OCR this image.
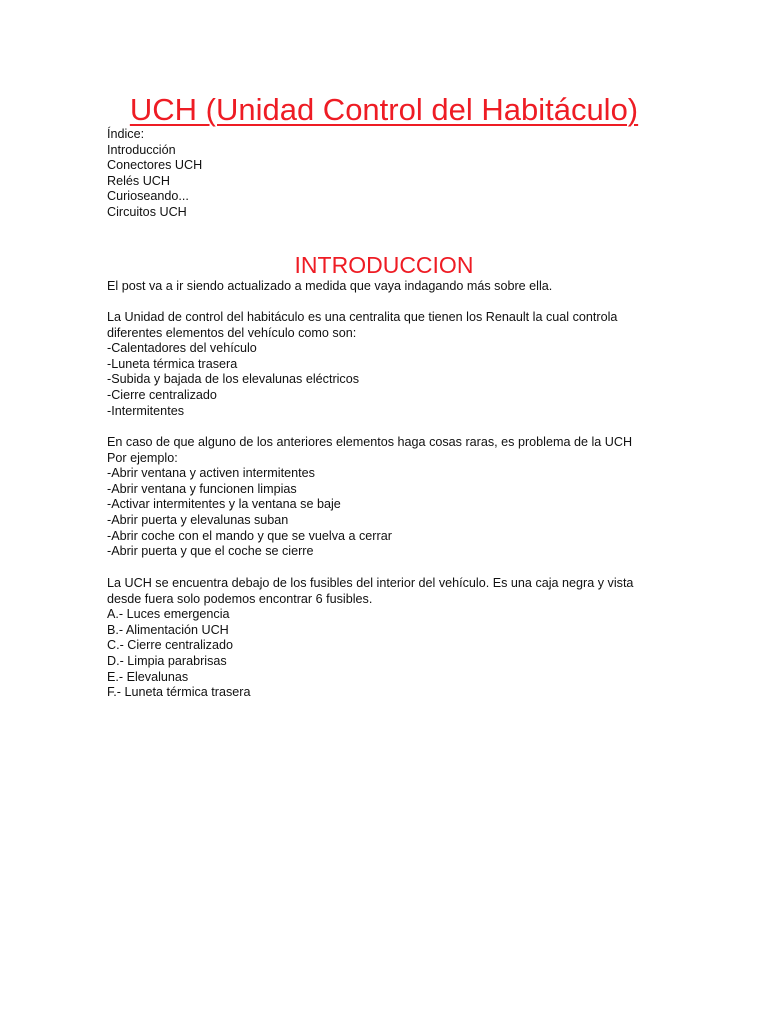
UCH (Unidad Control del Habitáculo)
Índice:
Introducción
Conectores UCH
Relés UCH
Curioseando...
Circuitos UCH
INTRODUCCION
El post va a ir siendo actualizado a medida que vaya indagando más sobre ella.
La Unidad de control del habitáculo es una centralita que tienen los Renault la cual controla
diferentes elementos del vehículo como son:
-Calentadores del vehículo
-Luneta térmica trasera
-Subida y bajada de los elevalunas eléctricos
-Cierre centralizado
-Intermitentes
En caso de que alguno de los anteriores elementos haga cosas raras, es problema de la UCH
Por ejemplo:
-Abrir ventana y activen intermitentes
-Abrir ventana y funcionen limpias
-Activar intermitentes y la ventana se baje
-Abrir puerta y elevalunas suban
-Abrir coche con el mando y que se vuelva a cerrar
-Abrir puerta y que el coche se cierre
La UCH se encuentra debajo de los fusibles del interior del vehículo. Es una caja negra y vista
desde fuera solo podemos encontrar 6 fusibles.
A.- Luces emergencia
B.- Alimentación UCH
C.- Cierre centralizado
D.- Limpia parabrisas
E.- Elevalunas
F.- Luneta térmica trasera
